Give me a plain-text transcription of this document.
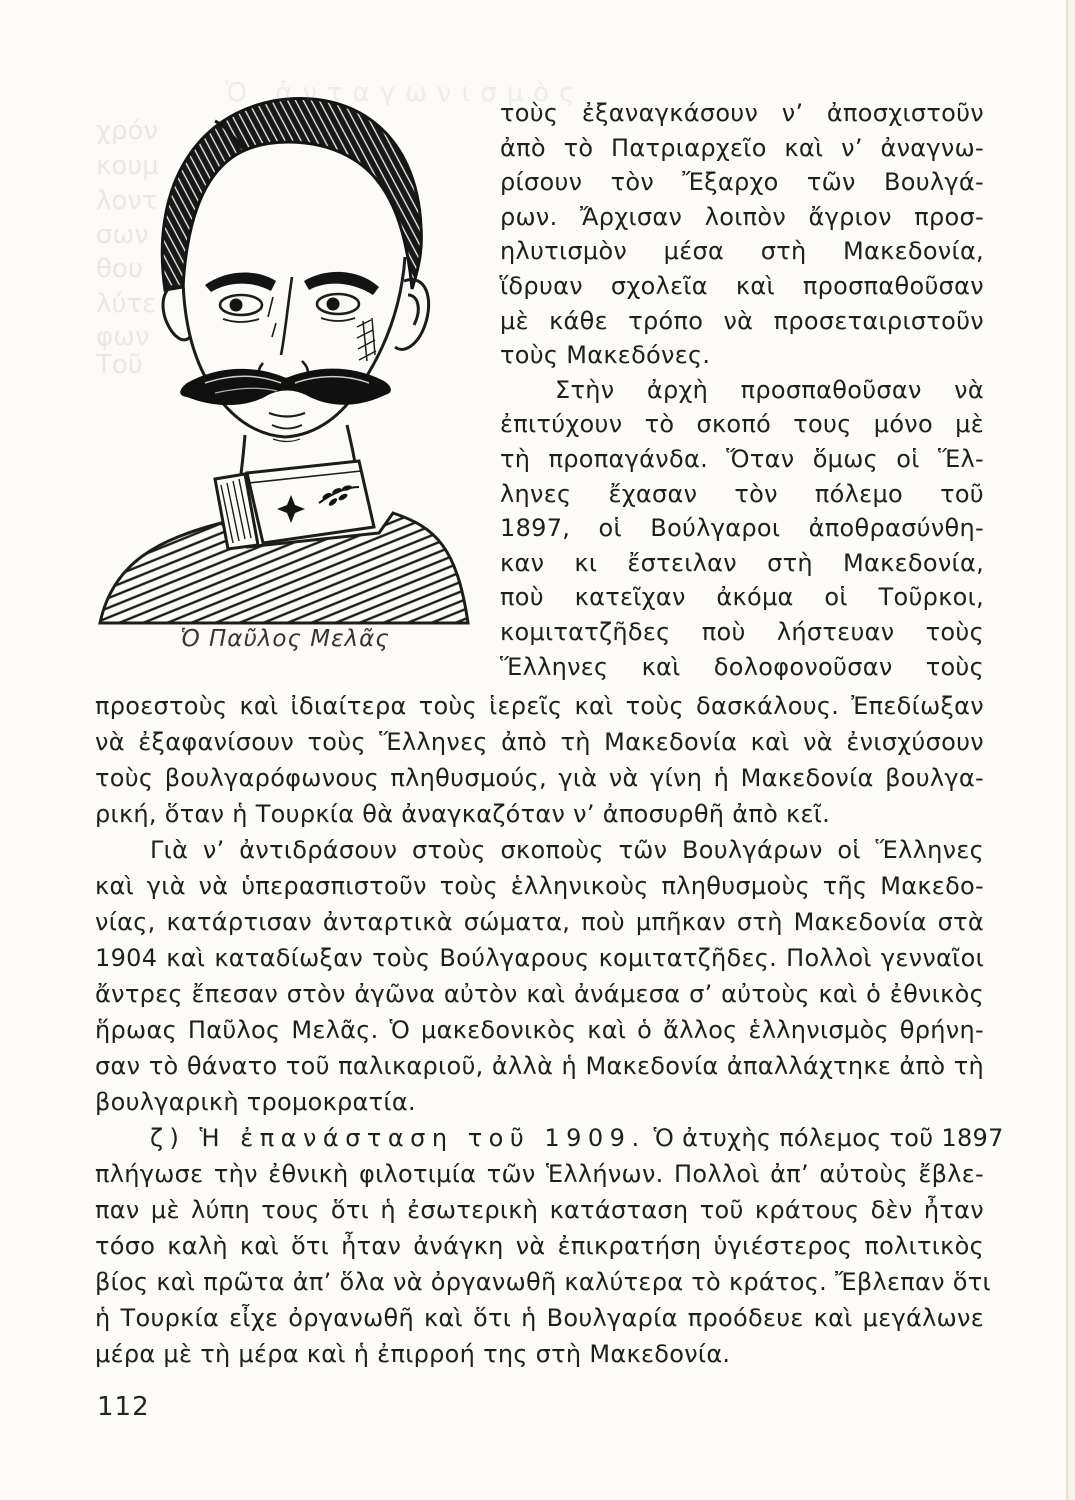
Ὁ Παῦλος Μελᾶς
τοὺς ἐξαναγκάσουν ν’ ἀποσχιστοῦν
ἀπὸ τὸ Πατριαρχεῖο καὶ ν’ ἀναγνω-
ρίσουν τὸν Ἔξαρχο τῶν Βουλγά-
ρων. Ἄρχισαν λοιπὸν ἄγριον προσ-
ηλυτισμὸν μέσα στὴ Μακεδονία,
ἵδρυαν σχολεῖα καὶ προσπαθοῦσαν
μὲ κάθε τρόπο νὰ προσεταιριστοῦν
τοὺς Μακεδόνες.
Στὴν ἀρχὴ προσπαθοῦσαν νὰ
ἐπιτύχουν τὸ σκοπό τους μόνο μὲ
τὴ προπαγάνδα. Ὅταν ὅμως οἱ Ἕλ-
ληνες ἔχασαν τὸν πόλεμο τοῦ
1897, οἱ Βούλγαροι ἀποθρασύνθη-
καν κι ἔστειλαν στὴ Μακεδονία,
ποὺ κατεῖχαν ἀκόμα οἱ Τοῦρκοι,
κομιτατζῆδες ποὺ λήστευαν τοὺς
Ἕλληνες καὶ δολοφονοῦσαν τοὺς
προεστοὺς καὶ ἰδιαίτερα τοὺς ἱερεῖς καὶ τοὺς δασκάλους. Ἐπεδίωξαν
νὰ ἐξαφανίσουν τοὺς Ἕλληνες ἀπὸ τὴ Μακεδονία καὶ νὰ ἐνισχύσουν
τοὺς βουλγαρόφωνους πληθυσμούς, γιὰ νὰ γίνη ἡ Μακεδονία βουλγα-
ρική, ὅταν ἡ Τουρκία θὰ ἀναγκαζόταν ν’ ἀποσυρθῆ ἀπὸ κεῖ.
Γιὰ ν’ ἀντιδράσουν στοὺς σκοποὺς τῶν Βουλγάρων οἱ Ἕλληνες
καὶ γιὰ νὰ ὑπερασπιστοῦν τοὺς ἑλληνικοὺς πληθυσμοὺς τῆς Μακεδο-
νίας, κατάρτισαν ἀνταρτικὰ σώματα, ποὺ μπῆκαν στὴ Μακεδονία στὰ
1904 καὶ καταδίωξαν τοὺς Βούλγαρους κομιτατζῆδες. Πολλοὶ γενναῖοι
ἄντρες ἔπεσαν στὸν ἀγῶνα αὐτὸν καὶ ἀνάμεσα σ’ αὐτοὺς καὶ ὁ ἐθνικὸς
ἥρωας Παῦλος Μελᾶς. Ὁ μακεδονικὸς καὶ ὁ ἄλλος ἑλληνισμὸς θρήνη-
σαν τὸ θάνατο τοῦ παλικαριοῦ, ἀλλὰ ἡ Μακεδονία ἀπαλλάχτηκε ἀπὸ τὴ
βουλγαρικὴ τρομοκρατία.
ζ) Ἡ ἐπανάσταση τοῦ 1909. Ὁ ἀτυχὴς πόλεμος τοῦ 1897
πλήγωσε τὴν ἐθνικὴ φιλοτιμία τῶν Ἑλλήνων. Πολλοὶ ἀπ’ αὐτοὺς ἔβλε-
παν μὲ λύπη τους ὅτι ἡ ἐσωτερικὴ κατάσταση τοῦ κράτους δὲν ἦταν
τόσο καλὴ καὶ ὅτι ἦταν ἀνάγκη νὰ ἐπικρατήση ὑγιέστερος πολιτικὸς
βίος καὶ πρῶτα ἀπ’ ὅλα νὰ ὀργανωθῆ καλύτερα τὸ κράτος. Ἔβλεπαν ὅτι
ἡ Τουρκία εἶχε ὀργανωθῆ καὶ ὅτι ἡ Βουλγαρία προόδευε καὶ μεγάλωνε
μέρα μὲ τὴ μέρα καὶ ἡ ἐπιρροή της στὴ Μακεδονία.
112
Ὁ ἀνταγωνισμὸς
χρόν
κουμ
λοντ
σων
θου
λύτε
φων
Τοῦ
